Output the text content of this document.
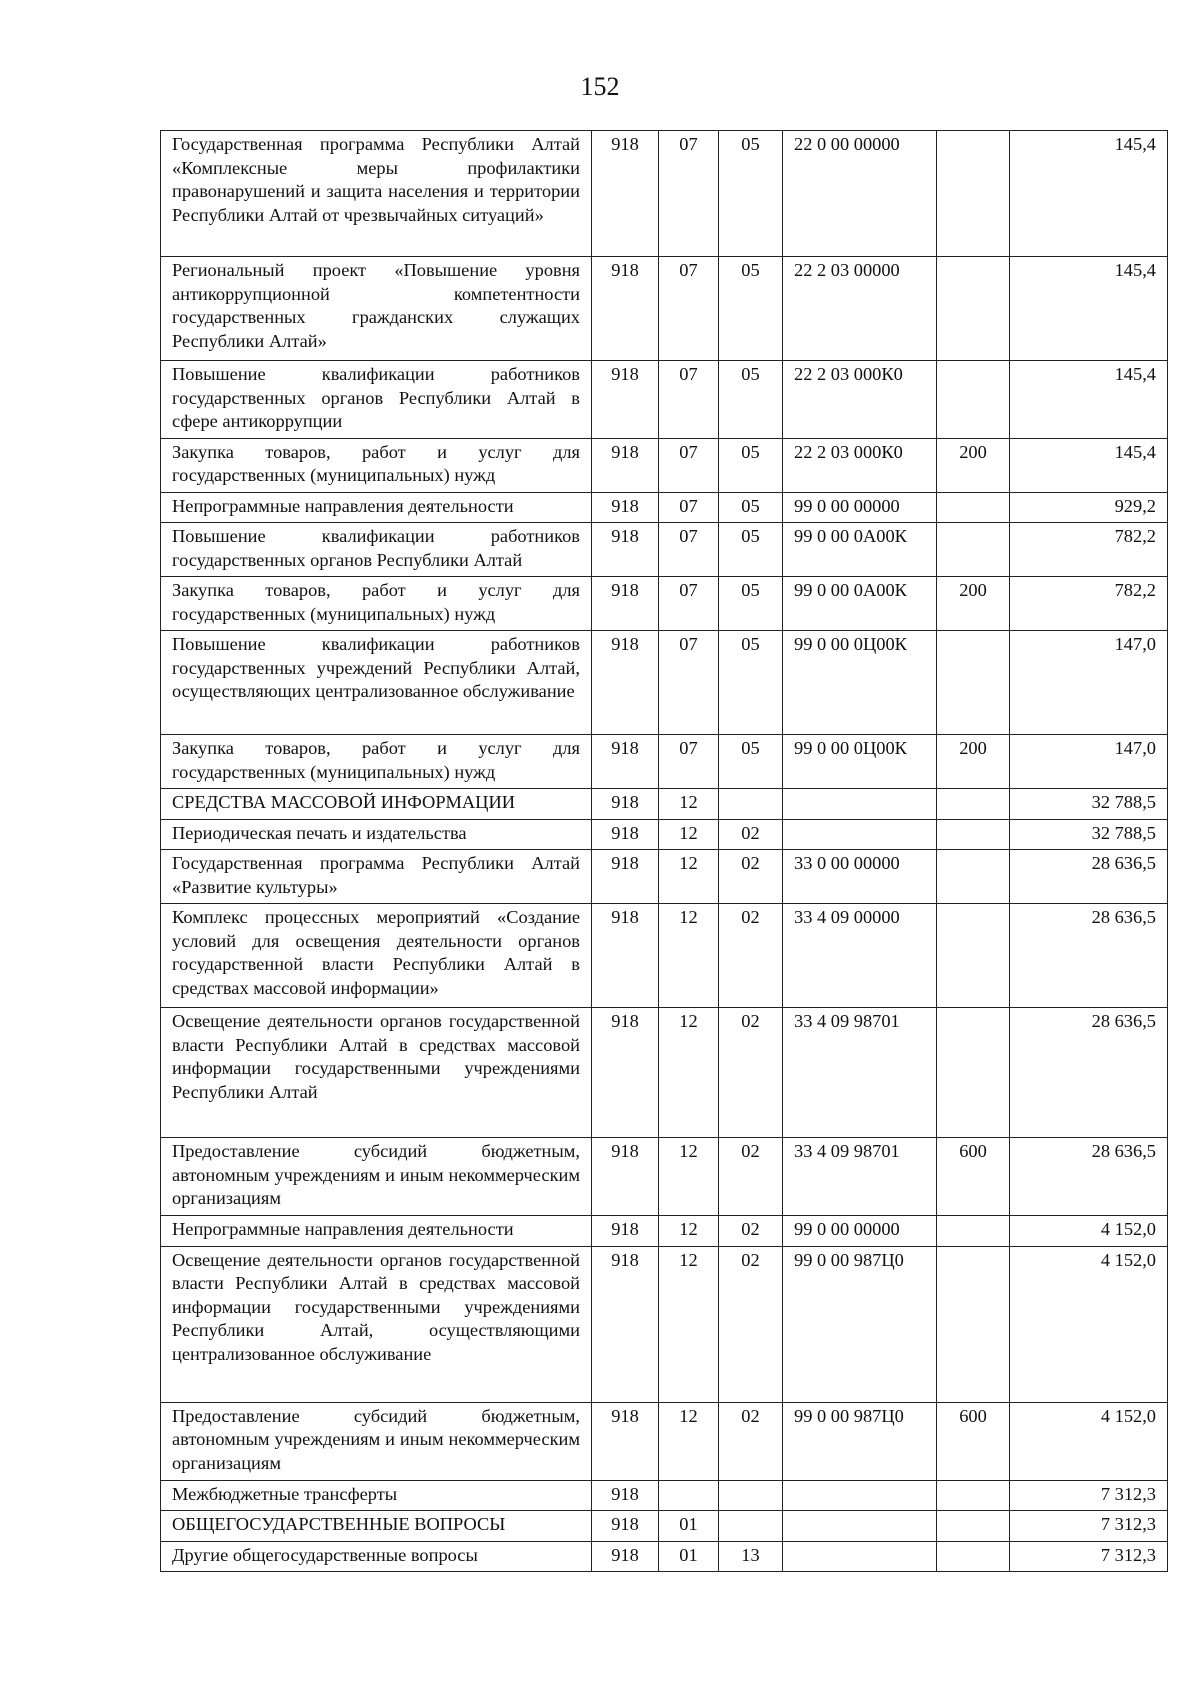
152
Государственная программа Республики Алтай «Комплексные меры профилактики правонарушений и защита населения и территории Республики Алтай от чрезвычайных ситуаций»	918	07	05	22 0 00 00000		145,4
Региональный проект «Повышение уровня антикоррупционной компетентности государственных гражданских служащих Республики Алтай»	918	07	05	22 2 03 00000		145,4
Повышение квалификации работников государственных органов Республики Алтай в сфере антикоррупции	918	07	05	22 2 03 000К0		145,4
Закупка товаров, работ и услуг для государственных (муниципальных) нужд	918	07	05	22 2 03 000К0	200	145,4
Непрограммные направления деятельности	918	07	05	99 0 00 00000		929,2
Повышение квалификации работников государственных органов Республики Алтай	918	07	05	99 0 00 0А00К		782,2
Закупка товаров, работ и услуг для государственных (муниципальных) нужд	918	07	05	99 0 00 0А00К	200	782,2
Повышение квалификации работников государственных учреждений Республики Алтай, осуществляющих централизованное обслуживание	918	07	05	99 0 00 0Ц00К		147,0
Закупка товаров, работ и услуг для государственных (муниципальных) нужд	918	07	05	99 0 00 0Ц00К	200	147,0
СРЕДСТВА МАССОВОЙ ИНФОРМАЦИИ	918	12				32 788,5
Периодическая печать и издательства	918	12	02			32 788,5
Государственная программа Республики Алтай «Развитие культуры»	918	12	02	33 0 00 00000		28 636,5
Комплекс процессных мероприятий «Создание условий для освещения деятельности органов государственной власти Республики Алтай в средствах массовой информации»	918	12	02	33 4 09 00000		28 636,5
Освещение деятельности органов государственной власти Республики Алтай в средствах массовой информации государственными учреждениями Республики Алтай	918	12	02	33 4 09 98701		28 636,5
Предоставление субсидий бюджетным, автономным учреждениям и иным некоммерческим организациям	918	12	02	33 4 09 98701	600	28 636,5
Непрограммные направления деятельности	918	12	02	99 0 00 00000		4 152,0
Освещение деятельности органов государственной власти Республики Алтай в средствах массовой информации государственными учреждениями Республики Алтай, осуществляющими централизованное обслуживание	918	12	02	99 0 00 987Ц0		4 152,0
Предоставление субсидий бюджетным, автономным учреждениям и иным некоммерческим организациям	918	12	02	99 0 00 987Ц0	600	4 152,0
Межбюджетные трансферты	918					7 312,3
ОБЩЕГОСУДАРСТВЕННЫЕ ВОПРОСЫ	918	01				7 312,3
Другие общегосударственные вопросы	918	01	13			7 312,3
